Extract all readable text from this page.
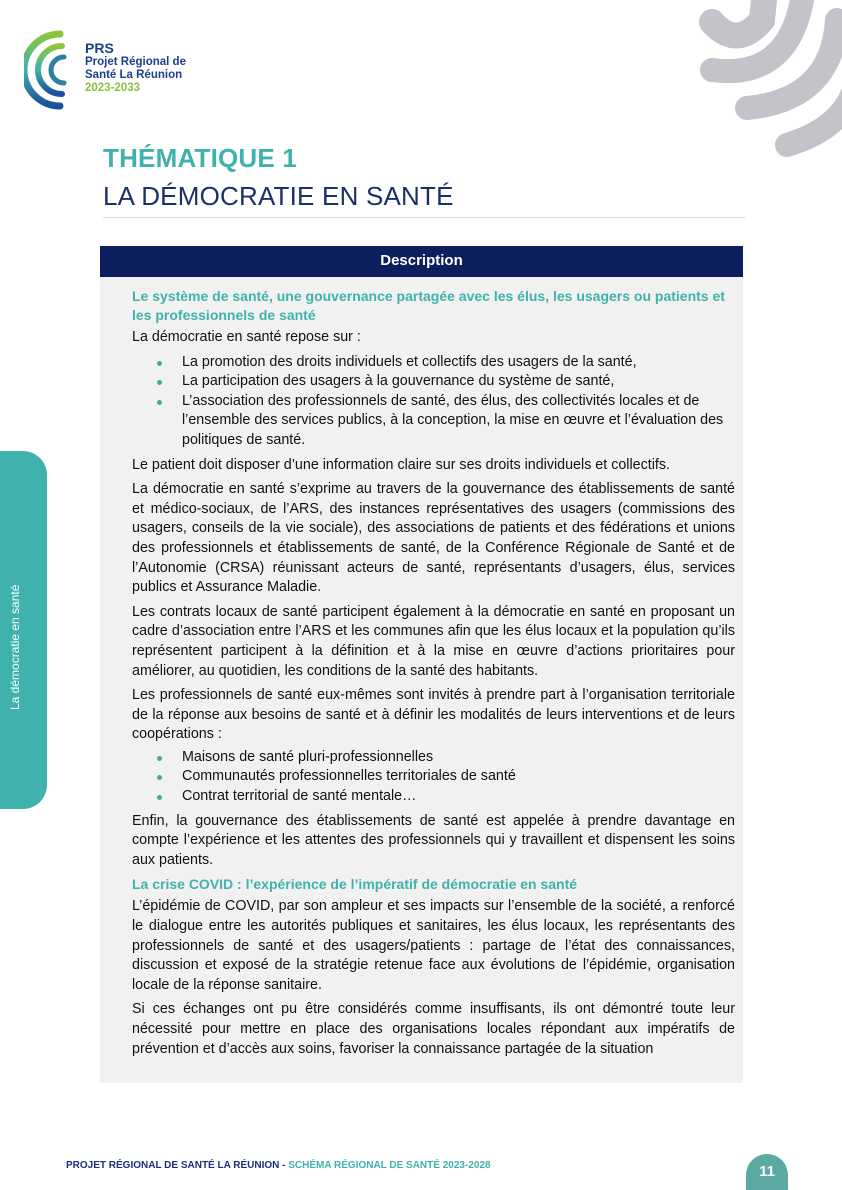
PRS
Projet Régional de
Santé La Réunion
2023-2033
THÉMATIQUE 1
LA DÉMOCRATIE EN SANTÉ
La démocratie en santé
Description
Le système de santé, une gouvernance partagée avec les élus, les usagers ou patients et les professionnels de santé

La démocratie en santé repose sur :

La promotion des droits individuels et collectifs des usagers de la santé,
La participation des usagers à la gouvernance du système de santé,
L’association des professionnels de santé, des élus, des collectivités locales et de l’ensemble des services publics, à la conception, la mise en œuvre et l’évaluation des politiques de santé.

Le patient doit disposer d’une information claire sur ses droits individuels et collectifs.

La démocratie en santé s’exprime au travers de la gouvernance des établissements de santé et médico-sociaux, de l’ARS, des instances représentatives des usagers (commissions des usagers, conseils de la vie sociale), des associations de patients et des fédérations et unions des professionnels et établissements de santé, de la Conférence Régionale de Santé et de l’Autonomie (CRSA) réunissant acteurs de santé, représentants d’usagers, élus, services publics et Assurance Maladie.

Les contrats locaux de santé participent également à la démocratie en santé en proposant un cadre d’association entre l’ARS et les communes afin que les élus locaux et la population qu’ils représentent participent à la définition et à la mise en œuvre d’actions prioritaires pour améliorer, au quotidien, les conditions de la santé des habitants.

Les professionnels de santé eux-mêmes sont invités à prendre part à l’organisation territoriale de la réponse aux besoins de santé et à définir les modalités de leurs interventions et de leurs coopérations :

Maisons de santé pluri-professionnelles
Communautés professionnelles territoriales de santé
Contrat territorial de santé mentale…

Enfin, la gouvernance des établissements de santé est appelée à prendre davantage en compte l’expérience et les attentes des professionnels qui y travaillent et dispensent les soins aux patients.

La crise COVID : l’expérience de l’impératif de démocratie en santé

L’épidémie de COVID, par son ampleur et ses impacts sur l’ensemble de la société, a renforcé le dialogue entre les autorités publiques et sanitaires, les élus locaux, les représentants des professionnels de santé et des usagers/patients : partage de l’état des connaissances, discussion et exposé de la stratégie retenue face aux évolutions de l’épidémie, organisation locale de la réponse sanitaire.

Si ces échanges ont pu être considérés comme insuffisants, ils ont démontré toute leur nécessité pour mettre en place des organisations locales répondant aux impératifs de prévention et d’accès aux soins, favoriser la connaissance partagée de la situation

PROJET RÉGIONAL DE SANTÉ LA RÉUNION - SCHÉMA RÉGIONAL DE SANTÉ 2023-2028	11
